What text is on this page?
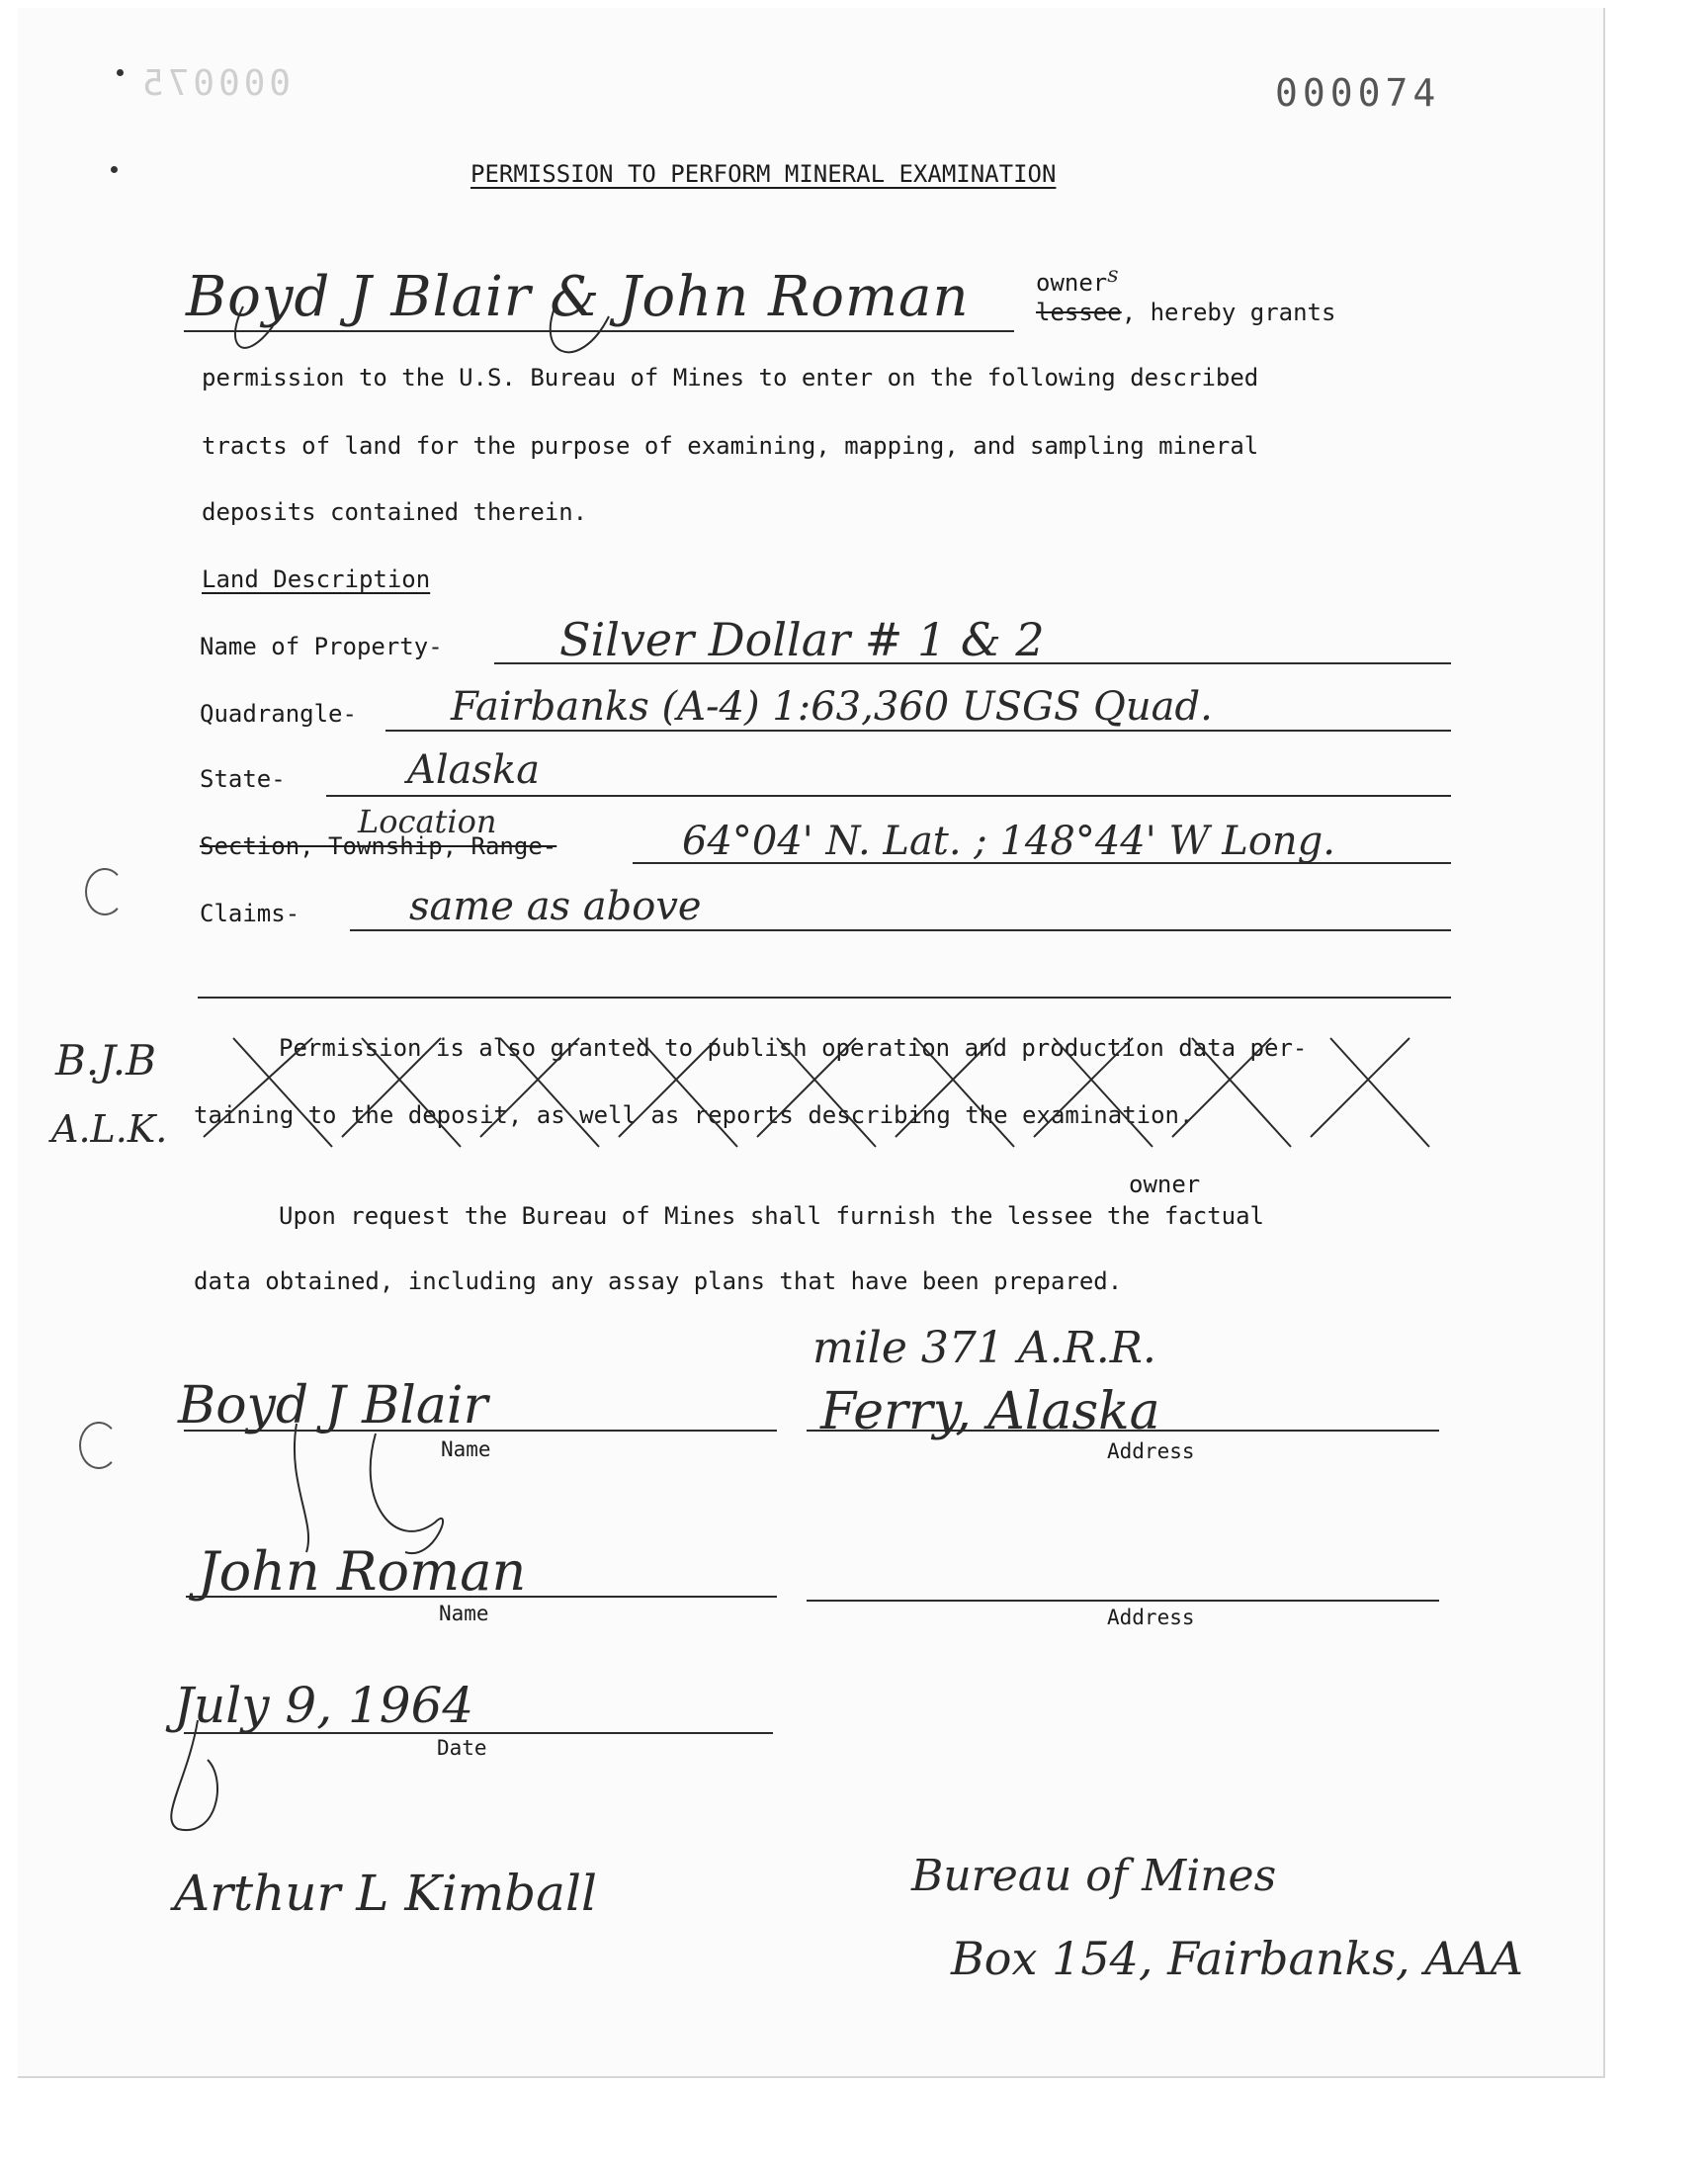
000075	000074
PERMISSION TO PERFORM MINERAL EXAMINATION
Boyd J Blair & John Roman	owner$^s$
lessee, hereby grants
permission to the U.S. Bureau of Mines to enter on the following described
tracts of land for the purpose of examining, mapping, and sampling mineral
deposits contained therein.
Land Description
Name of Property-	Silver Dollar # 1 & 2
Quadrangle- Fairbanks (A-4) 1:63,360 USGS Quad.
State-	Alaska
Location
Section, Township, Range-	64°04' N. Lat. ; 148°44' W Long.
Claims-	same as above
B.J.B
A.L.K.
Permission is also granted to publish operation and production data per-
taining to the deposit, as well as reports describing the examination.
owner
Upon request the Bureau of Mines shall furnish the lessee the factual
data obtained, including any assay plans that have been prepared.
Boyd J Blair
Name
mile 371 A.R.R.
Ferry, Alaska
Address
John Roman
Name	Address
July 9, 1964
Date
Arthur L Kimball	Bureau of Mines
Box 154, Fairbanks, AAA
